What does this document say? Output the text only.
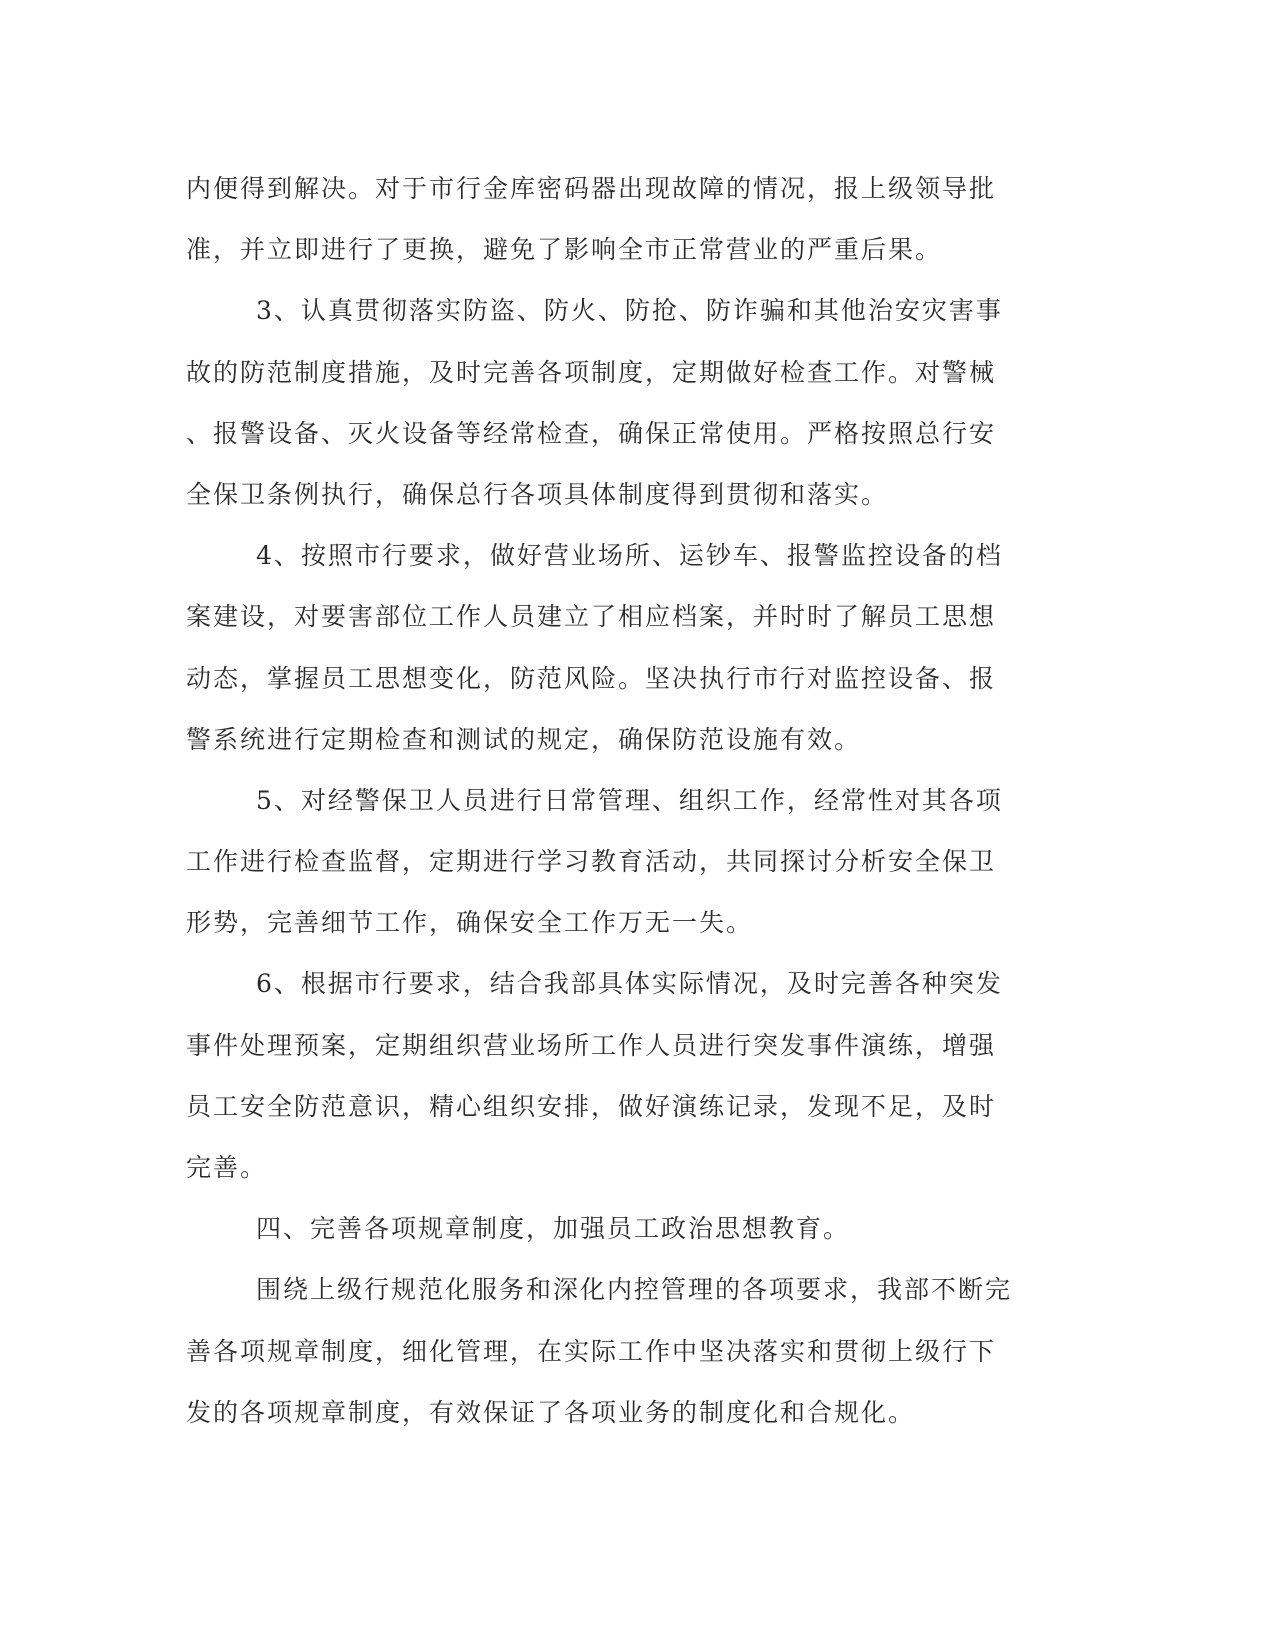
内便得到解决。对于市行金库密码器出现故障的情况，报上级领导批
准，并立即进行了更换，避免了影响全市正常营业的严重后果。
3、认真贯彻落实防盗、防火、防抢、防诈骗和其他治安灾害事
故的防范制度措施，及时完善各项制度，定期做好检查工作。对警械
、报警设备、灭火设备等经常检查，确保正常使用。严格按照总行安
全保卫条例执行，确保总行各项具体制度得到贯彻和落实。
4、按照市行要求，做好营业场所、运钞车、报警监控设备的档
案建设，对要害部位工作人员建立了相应档案，并时时了解员工思想
动态，掌握员工思想变化，防范风险。坚决执行市行对监控设备、报
警系统进行定期检查和测试的规定，确保防范设施有效。
5、对经警保卫人员进行日常管理、组织工作，经常性对其各项
工作进行检查监督，定期进行学习教育活动，共同探讨分析安全保卫
形势，完善细节工作，确保安全工作万无一失。
6、根据市行要求，结合我部具体实际情况，及时完善各种突发
事件处理预案，定期组织营业场所工作人员进行突发事件演练，增强
员工安全防范意识，精心组织安排，做好演练记录，发现不足，及时
完善。
四、完善各项规章制度，加强员工政治思想教育。
围绕上级行规范化服务和深化内控管理的各项要求，我部不断完
善各项规章制度，细化管理，在实际工作中坚决落实和贯彻上级行下
发的各项规章制度，有效保证了各项业务的制度化和合规化。
